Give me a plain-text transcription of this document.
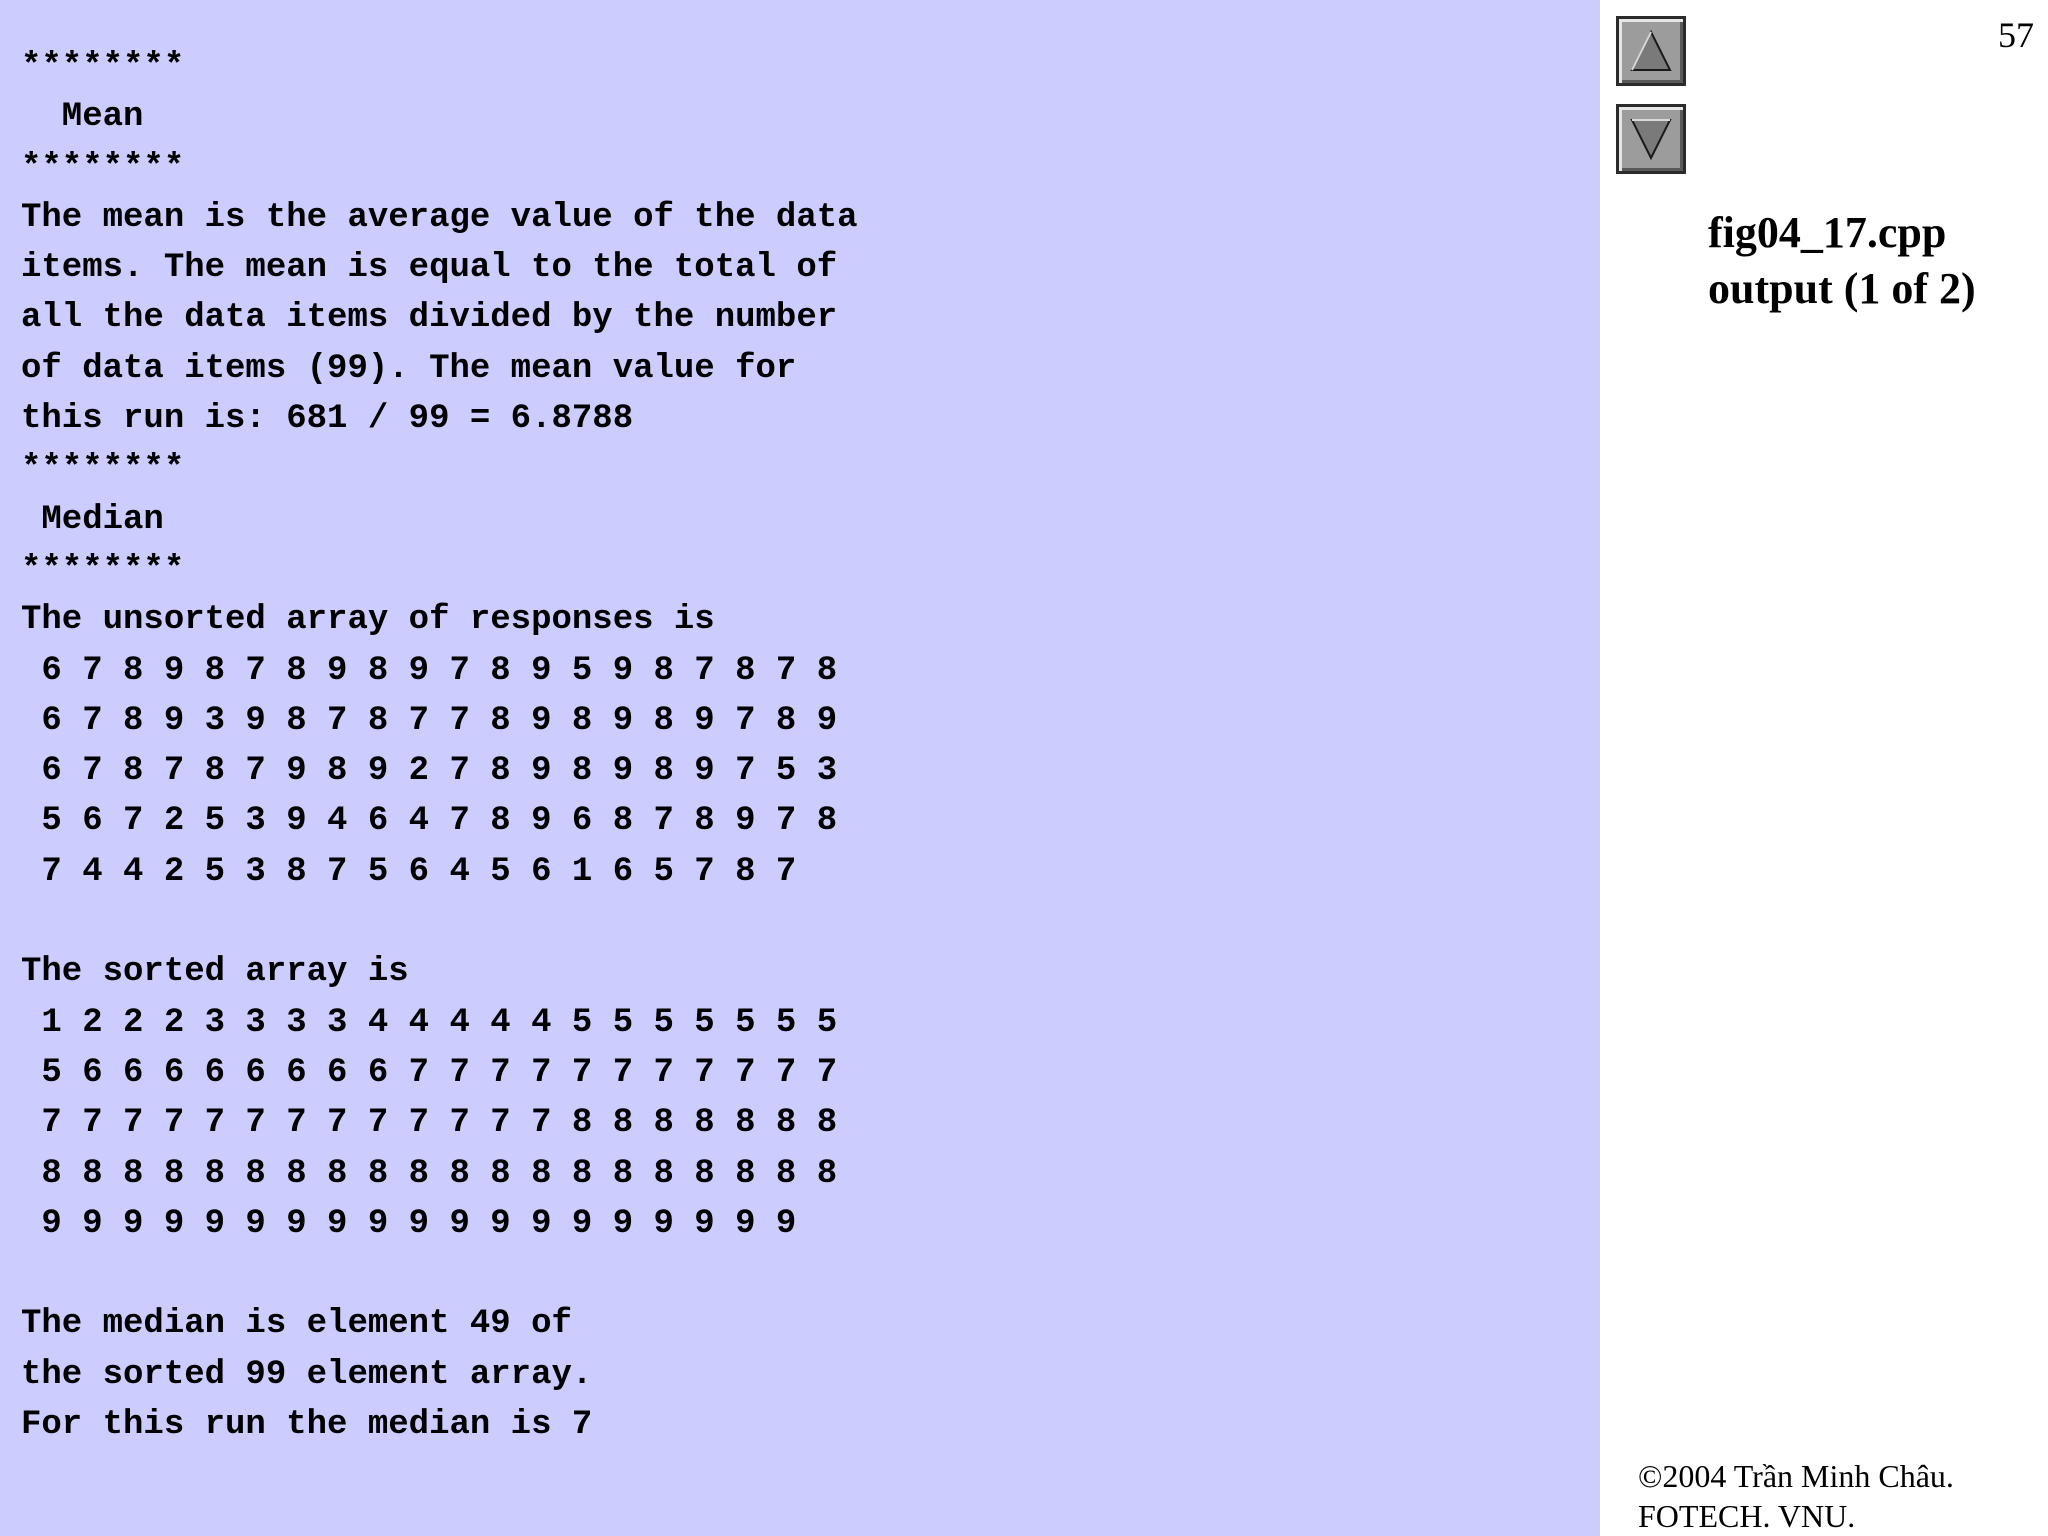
********
Mean
********
The mean is the average value of the data
items. The mean is equal to the total of
all the data items divided by the number
of data items (99). The mean value for
this run is: 681 / 99 = 6.8788
********
Median
********
The unsorted array of responses is
6 7 8 9 8 7 8 9 8 9 7 8 9 5 9 8 7 8 7 8
6 7 8 9 3 9 8 7 8 7 7 8 9 8 9 8 9 7 8 9
6 7 8 7 8 7 9 8 9 2 7 8 9 8 9 8 9 7 5 3
5 6 7 2 5 3 9 4 6 4 7 8 9 6 8 7 8 9 7 8
7 4 4 2 5 3 8 7 5 6 4 5 6 1 6 5 7 8 7
The sorted array is
1 2 2 2 3 3 3 3 4 4 4 4 4 5 5 5 5 5 5 5
5 6 6 6 6 6 6 6 6 7 7 7 7 7 7 7 7 7 7 7
7 7 7 7 7 7 7 7 7 7 7 7 7 8 8 8 8 8 8 8
8 8 8 8 8 8 8 8 8 8 8 8 8 8 8 8 8 8 8 8
9 9 9 9 9 9 9 9 9 9 9 9 9 9 9 9 9 9 9
The median is element 49 of
the sorted 99 element array.
For this run the median is 7
57
fig04_17.cpp
output (1 of 2)
©2004 Trần Minh Châu.
FOTECH. VNU.
